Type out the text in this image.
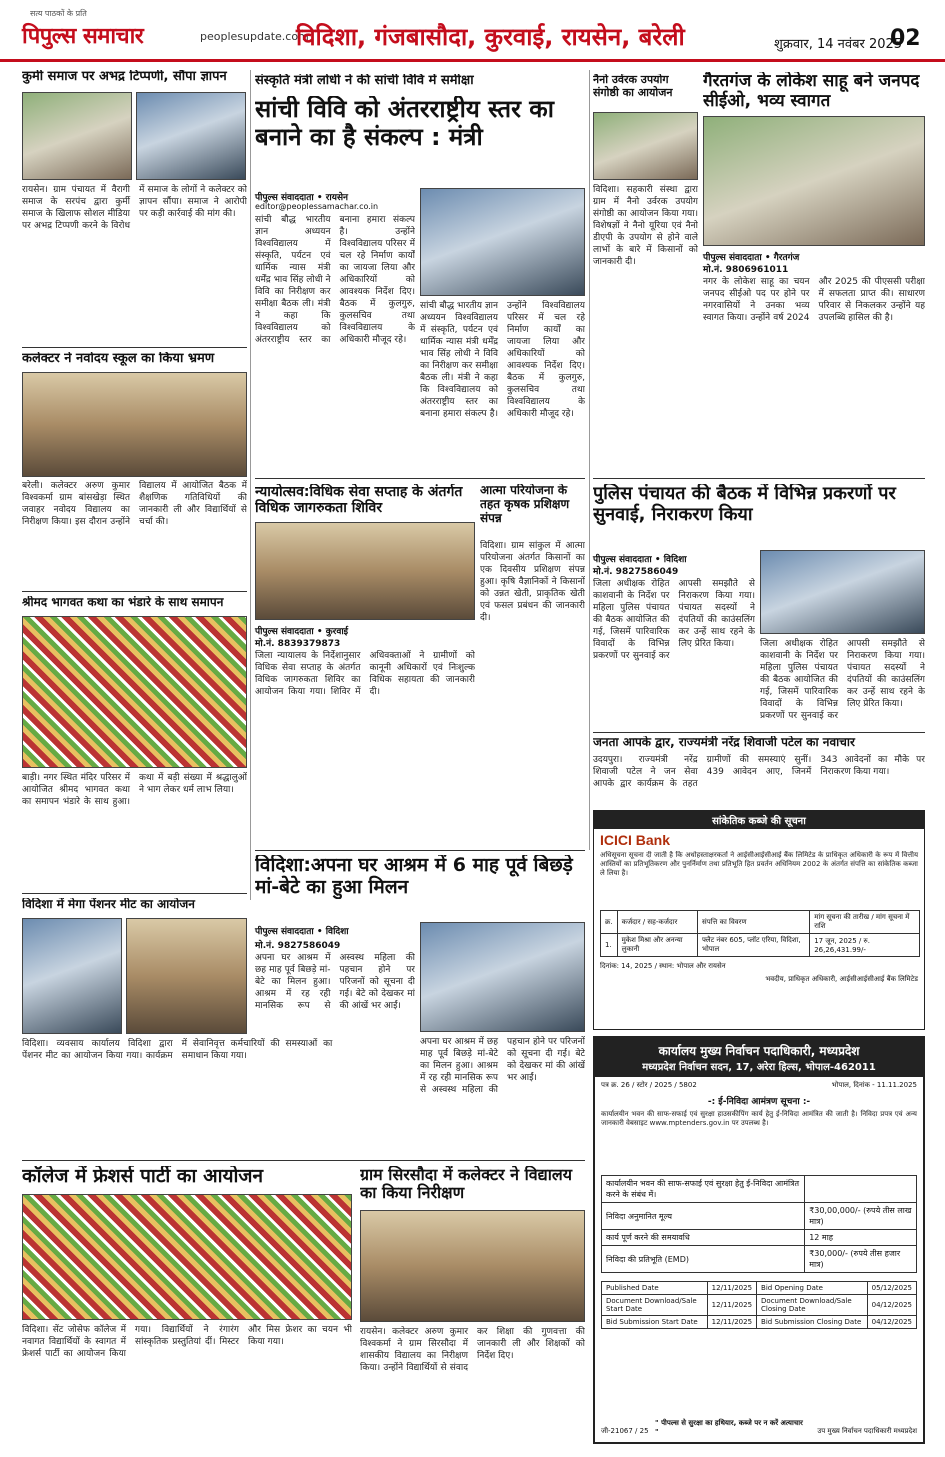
सत्य पाठकों के प्रति
पिपुल्स समाचार	peoplesupdate.com
विदिशा, गंजबासौदा, कुरवाई, रायसेन, बरेली	शुक्रवार, 14 नवंबर 2025
02
कुर्मी समाज पर अभद्र टिप्पणी, सौंपा ज्ञापन
रायसेन। ग्राम पंचायत में वैरागी समाज के सरपंच द्वारा कुर्मी समाज के खिलाफ सोशल मीडिया पर अभद्र टिप्पणी करने के विरोध में समाज के लोगों ने कलेक्टर को ज्ञापन सौंपा। समाज ने आरोपी पर कड़ी कार्रवाई की मांग की।
कलेक्टर ने नवोदय स्कूल का किया भ्रमण
बरेली। कलेक्टर अरुण कुमार विश्वकर्मा ग्राम बांसखेड़ा स्थित जवाहर नवोदय विद्यालय का निरीक्षण किया। इस दौरान उन्होंने विद्यालय में आयोजित बैठक में शैक्षणिक गतिविधियों की जानकारी ली और विद्यार्थियों से चर्चा की।
श्रीमद भागवत कथा का भंडारे के साथ समापन
बाड़ी। नगर स्थित मंदिर परिसर में आयोजित श्रीमद भागवत कथा का समापन भंडारे के साथ हुआ। कथा में बड़ी संख्या में श्रद्धालुओं ने भाग लेकर धर्म लाभ लिया।
विदिशा में मेगा पेंशनर मीट का आयोजन
विदिशा। व्यवसाय कार्यालय विदिशा द्वारा पेंशनर मीट का आयोजन किया गया। कार्यक्रम में सेवानिवृत्त कर्मचारियों की समस्याओं का समाधान किया गया।
संस्कृति मंत्री लोधी ने की सांची विवि में समीक्षा
सांची विवि को अंतरराष्ट्रीय स्तर का बनाने का है संकल्प : मंत्री
पीपुल्स संवाददाता • रायसेन
editor@peoplessamachar.co.in
सांची बौद्ध भारतीय ज्ञान अध्ययन विश्वविद्यालय में संस्कृति, पर्यटन एवं धार्मिक न्यास मंत्री धर्मेंद्र भाव सिंह लोधी ने विवि का निरीक्षण कर समीक्षा बैठक ली। मंत्री ने कहा कि विश्वविद्यालय को अंतरराष्ट्रीय स्तर का बनाना हमारा संकल्प है। उन्होंने विश्वविद्यालय परिसर में चल रहे निर्माण कार्यों का जायजा लिया और अधिकारियों को आवश्यक निर्देश दिए। बैठक में कुलगुरु, कुलसचिव तथा विश्वविद्यालय के अधिकारी मौजूद रहे।
सांची बौद्ध भारतीय ज्ञान अध्ययन विश्वविद्यालय में संस्कृति, पर्यटन एवं धार्मिक न्यास मंत्री धर्मेंद्र भाव सिंह लोधी ने विवि का निरीक्षण कर समीक्षा बैठक ली। मंत्री ने कहा कि विश्वविद्यालय को अंतरराष्ट्रीय स्तर का बनाना हमारा संकल्प है। उन्होंने विश्वविद्यालय परिसर में चल रहे निर्माण कार्यों का जायजा लिया और अधिकारियों को आवश्यक निर्देश दिए। बैठक में कुलगुरु, कुलसचिव तथा विश्वविद्यालय के अधिकारी मौजूद रहे।
न्यायोत्सव:विधिक सेवा सप्ताह के अंतर्गत विधिक जागरुकता शिविर
पीपुल्स संवाददाता • कुरवाई
मो.नं. 8839379873
जिला न्यायालय के निर्देशानुसार विधिक सेवा सप्ताह के अंतर्गत विधिक जागरुकता शिविर का आयोजन किया गया। शिविर में अधिवक्ताओं ने ग्रामीणों को कानूनी अधिकारों एवं निःशुल्क विधिक सहायता की जानकारी दी।
आत्मा परियोजना के तहत कृषक प्रशिक्षण संपन्न
विदिशा। ग्राम सांकुल में आत्मा परियोजना अंतर्गत किसानों का एक दिवसीय प्रशिक्षण संपन्न हुआ। कृषि वैज्ञानिकों ने किसानों को उन्नत खेती, प्राकृतिक खेती एवं फसल प्रबंधन की जानकारी दी।
नैनो उर्वरक उपयोग संगोष्ठी का आयोजन
विदिशा। सहकारी संस्था द्वारा ग्राम में नैनो उर्वरक उपयोग संगोष्ठी का आयोजन किया गया। विशेषज्ञों ने नैनो यूरिया एवं नैनो डीएपी के उपयोग से होने वाले लाभों के बारे में किसानों को जानकारी दी।
गैरतगंज के लोकेश साहू बने जनपद सीईओ, भव्य स्वागत
पीपुल्स संवाददाता • गैरतगंज
मो.नं. 9806961011
नगर के लोकेश साहू का चयन जनपद सीईओ पद पर होने पर नगरवासियों ने उनका भव्य स्वागत किया। उन्होंने वर्ष 2024 और 2025 की पीएससी परीक्षा में सफलता प्राप्त की। साधारण परिवार से निकलकर उन्होंने यह उपलब्धि हासिल की है।
पुलिस पंचायत की बैठक में विभिन्न प्रकरणों पर सुनवाई, निराकरण किया
पीपुल्स संवाददाता • विदिशा
मो.नं. 9827586049
जिला अधीक्षक रोहित काशवानी के निर्देश पर महिला पुलिस पंचायत की बैठक आयोजित की गई, जिसमें पारिवारिक विवादों के विभिन्न प्रकरणों पर सुनवाई कर आपसी समझौते से निराकरण किया गया। पंचायत सदस्यों ने दंपतियों की काउंसलिंग कर उन्हें साथ रहने के लिए प्रेरित किया।	जिला अधीक्षक रोहित काशवानी के निर्देश पर महिला पुलिस पंचायत की बैठक आयोजित की गई, जिसमें पारिवारिक विवादों के विभिन्न प्रकरणों पर सुनवाई कर आपसी समझौते से निराकरण किया गया। पंचायत सदस्यों ने दंपतियों की काउंसलिंग कर उन्हें साथ रहने के लिए प्रेरित किया।
जनता आपके द्वार, राज्यमंत्री नरेंद्र शिवाजी पटेल का नवाचार
उदयपुरा। राज्यमंत्री नरेंद्र शिवाजी पटेल ने जन सेवा आपके द्वार कार्यक्रम के तहत ग्रामीणों की समस्याएं सुनीं। 439 आवेदन आए, जिनमें 343 आवेदनों का मौके पर निराकरण किया गया।
सांकेतिक कब्जे की सूचना
ICICI Bank
अधिसूचना सूचना दी जाती है कि अधोहस्ताक्षरकर्ता ने आईसीआईसीआई बैंक लिमिटेड के प्राधिकृत अधिकारी के रूप में वित्तीय आस्तियों का प्रतिभूतिकरण और पुनर्निर्माण तथा प्रतिभूति हित प्रवर्तन अधिनियम 2002 के अंतर्गत संपत्ति का सांकेतिक कब्जा ले लिया है।
क्र.	कर्जदार / सह-कर्जदार	संपत्ति का विवरण	मांग सूचना की तारीख / मांग सूचना में राशि
1.	मुकेश मिश्रा और अनन्या लुकानी	फ्लैट नंबर 605, प्लॉट एरिया, विदिशा, भोपाल	17 जून, 2025 / रु. 26,26,431.99/-
दिनांक: 14, 2025 / स्थान: भोपाल और रायसेन
भवदीय, प्राधिकृत अधिकारी, आईसीआईसीआई बैंक लिमिटेड
विदिशा:अपना घर आश्रम में 6 माह पूर्व बिछड़े मां-बेटे का हुआ मिलन
पीपुल्स संवाददाता • विदिशा
मो.नं. 9827586049
अपना घर आश्रम में छह माह पूर्व बिछड़े मां-बेटे का मिलन हुआ। आश्रम में रह रही मानसिक रूप से अस्वस्थ महिला की पहचान होने पर परिजनों को सूचना दी गई। बेटे को देखकर मां की आंखें भर आईं।
अपना घर आश्रम में छह माह पूर्व बिछड़े मां-बेटे का मिलन हुआ। आश्रम में रह रही मानसिक रूप से अस्वस्थ महिला की पहचान होने पर परिजनों को सूचना दी गई। बेटे को देखकर मां की आंखें भर आईं।
कॉलेज में फ्रेशर्स पार्टी का आयोजन
विदिशा। सेंट जोसेफ कॉलेज में नवागत विद्यार्थियों के स्वागत में फ्रेशर्स पार्टी का आयोजन किया गया। विद्यार्थियों ने रंगारंग सांस्कृतिक प्रस्तुतियां दीं। मिस्टर और मिस फ्रेशर का चयन भी किया गया।
ग्राम सिरसौदा में कलेक्टर ने विद्यालय का किया निरीक्षण
रायसेन। कलेक्टर अरुण कुमार विश्वकर्मा ने ग्राम सिरसौदा में शासकीय विद्यालय का निरीक्षण किया। उन्होंने विद्यार्थियों से संवाद कर शिक्षा की गुणवत्ता की जानकारी ली और शिक्षकों को निर्देश दिए।
कार्यालय मुख्य निर्वाचन पदाधिकारी, मध्यप्रदेश
मध्यप्रदेश निर्वाचन सदन, 17, अरेरा हिल्स, भोपाल-462011
पत्र क्र. 26 / स्टोर / 2025 / 5802	भोपाल, दिनांक - 11.11.2025
-: ई-निविदा आमंत्रण सूचना :-
कार्यालयीन भवन की साफ-सफाई एवं सुरक्षा हाउसकीपिंग कार्य हेतु ई-निविदा आमंत्रित की जाती है। निविदा प्रपत्र एवं अन्य जानकारी वेबसाइट www.mptenders.gov.in पर उपलब्ध है।
कार्यालयीन भवन की साफ-सफाई एवं सुरक्षा हेतु ई-निविदा आमंत्रित करने के संबंध में।	
निविदा अनुमानित मूल्य	₹30,00,000/- (रुपये तीस लाख मात्र)
कार्य पूर्ण करने की समयावधि	12 माह
निविदा की प्रतिभूति (EMD)	₹30,000/- (रुपये तीस हजार मात्र)
Published Date	12/11/2025	Bid Opening Date	05/12/2025
Document Download/Sale Start Date	12/11/2025	Document Download/Sale Closing Date	04/12/2025
Bid Submission Start Date	12/11/2025	Bid Submission Closing Date	04/12/2025
जी-21067 / 25
" पीपल्स से सुरक्षा का हथियार, कब्जे पर न करें अत्याचार "	उप मुख्य निर्वाचन पदाधिकारी मध्यप्रदेश
